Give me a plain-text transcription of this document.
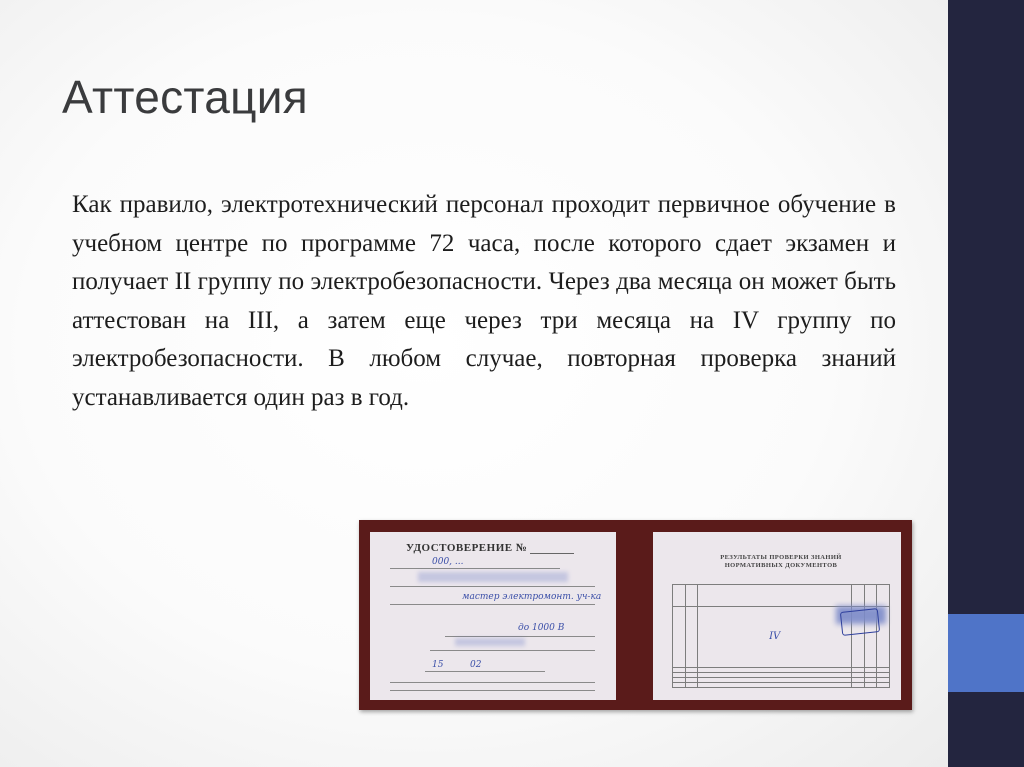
Аттестация

Как правило, электротехнический персонал проходит первичное обучение в учебном центре по программе 72 часа, после которого сдает экзамен и получает II группу по электробезопасности. Через два месяца он может быть аттестован на III, а затем еще через три месяца на IV группу по электробезопасности. В любом случае, повторная проверка знаний устанавливается один раз в год.

УДОСТОВЕРЕНИЕ №
000, ...
мастер электромонт. уч-ка
до 1000 В
15	02
РЕЗУЛЬТАТЫ ПРОВЕРКИ ЗНАНИЙ НОРМАТИВНЫХ ДОКУМЕНТОВ

		IV			
